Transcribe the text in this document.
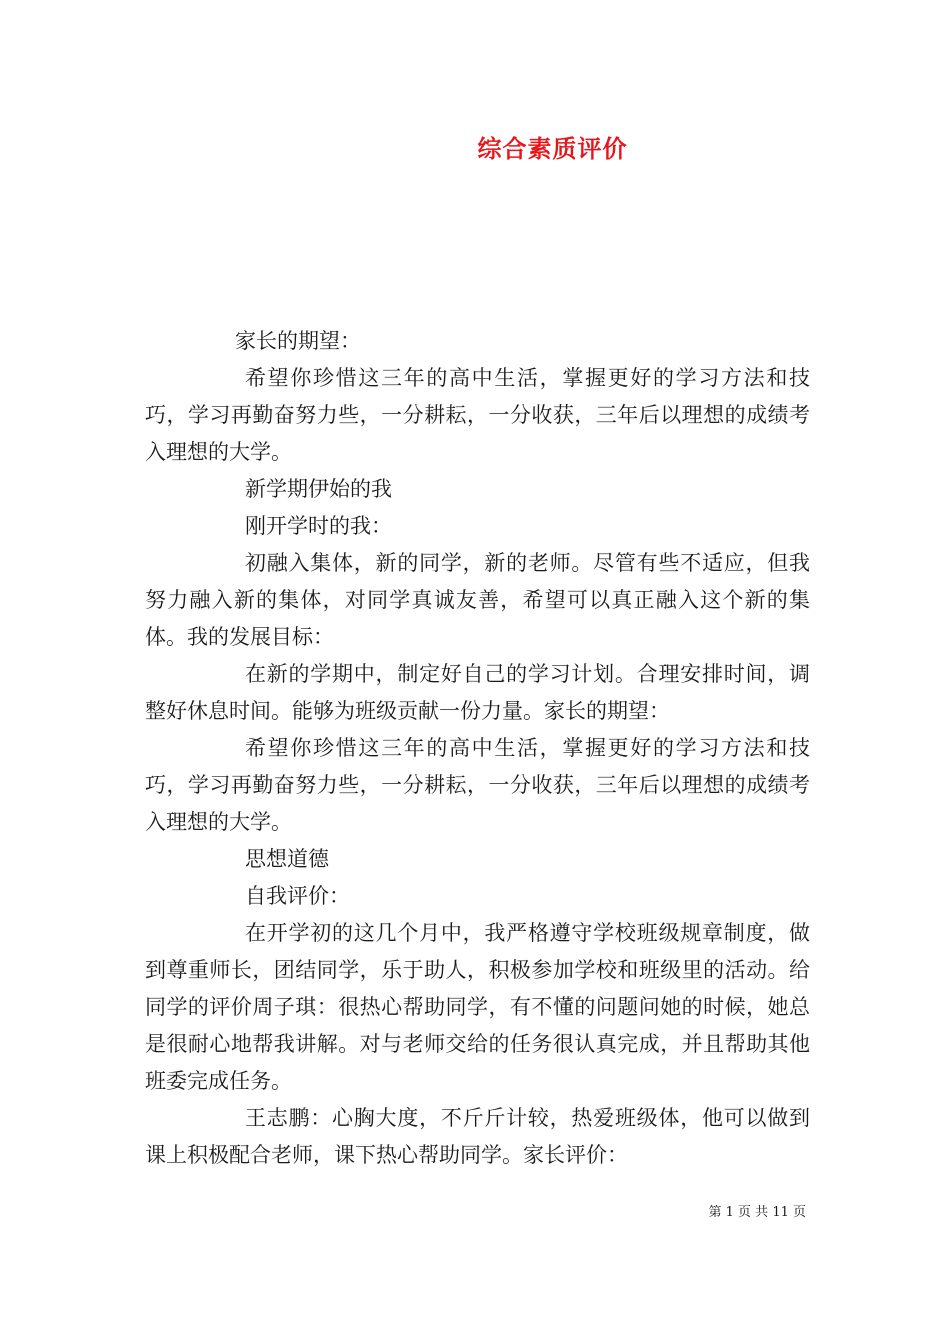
综合素质评价

家长的期望：

希望你珍惜这三年的高中生活，掌握更好的学习方法和技巧，学习再勤奋努力些，一分耕耘，一分收获，三年后以理想的成绩考入理想的大学。

新学期伊始的我

刚开学时的我：

初融入集体，新的同学，新的老师。尽管有些不适应，但我努力融入新的集体，对同学真诚友善，希望可以真正融入这个新的集体。我的发展目标：

在新的学期中，制定好自己的学习计划。合理安排时间，调整好休息时间。能够为班级贡献一份力量。家长的期望：

希望你珍惜这三年的高中生活，掌握更好的学习方法和技巧，学习再勤奋努力些，一分耕耘，一分收获，三年后以理想的成绩考入理想的大学。

思想道德

自我评价：

在开学初的这几个月中，我严格遵守学校班级规章制度，做到尊重师长，团结同学，乐于助人，积极参加学校和班级里的活动。给同学的评价周子琪：很热心帮助同学，有不懂的问题问她的时候，她总是很耐心地帮我讲解。对与老师交给的任务很认真完成，并且帮助其他班委完成任务。

王志鹏：心胸大度，不斤斤计较，热爱班级体，他可以做到课上积极配合老师，课下热心帮助同学。家长评价：

第 1 页 共 11 页
